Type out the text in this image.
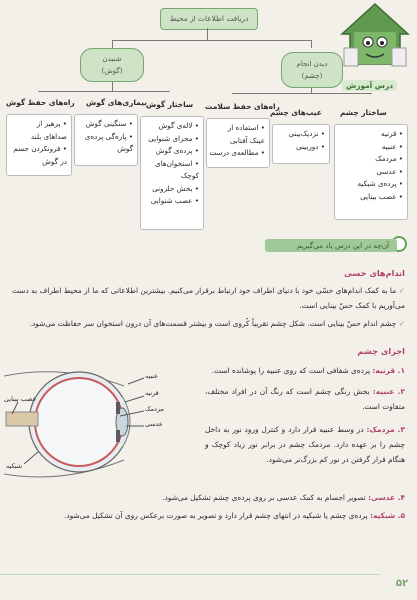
دریافت اطلاعات از محیط
شنیدن
(گوش)
دیدن انجام
(چشم)
راه‌های حفظ گوش بیماری‌های گوش ساختار گوش راه‌های حفظ سلامت
عیب‌های چشم ساختار چشم
• پرهیز از
صداهای بلند
• فرونکردن جسم
در گوش
• سنگینی گوش
• پاره‌گی پرده‌ی
گوش
• لاله‌ی گوش
• مجرای شنوایی
• پرده‌ی گوش
• استخوان‌های
کوچک
• بخش حلزونی
• عصب شنوایی
• استفاده از
عینک آفتابی
• مطالعه‌ی درست
• نزدیک‌بینی
• دوربینی
• قرنیه
• عنبیه
• مردمک
• عدسی
• پرده‌ی شبکیه
• عصب بینایی
درس‌ آموزش
آن‌چه در این درس یاد می‌گیریم
اندام‌های حسی
✓ ما به کمک اندام‌های حسّی خود با دنیای اطراف خود ارتباط برقرار می‌کنیم. بیشترین اطلاعاتی که ما از محیط اطراف به دست می‌آوریم با کمک حسّ بینایی است.
✓ چشم اندام حسّ بینایی است. شکل چشم تقریباً کُروی است و بیشتر قسمت‌های آن درون استخوان سر حفاظت می‌شود.
اجزای چشم
۱. قرنیه: پرده‌ی شفافی است که روی عنبیه را پوشانده است.
۲. عنبیه: بخش رنگی چشم است که رنگ آن در افراد مختلف، متفاوت است.
۳. مردمک: در وسط عنبیه قرار دارد و کنترل ورود نور به داخل چشم را بر عهده دارد. مردمک چشم در برابر نور زیاد کوچک و هنگام قرار گرفتن در نور کم بزرگ‌تر می‌شود.
۴. عدسی: تصویر اجسام به کمک عدسی بر روی پرده‌ی چشم تشکیل می‌شود.
۵. شبکیه: پرده‌ی چشم یا شبکیه در انتهای چشم قرار دارد و تصویر به صورت برعکس روی آن تشکیل می‌شود.
عصب بینایی
عنبیه
قرنیه
مردمک
عدسی
شبکیه
۵۲
